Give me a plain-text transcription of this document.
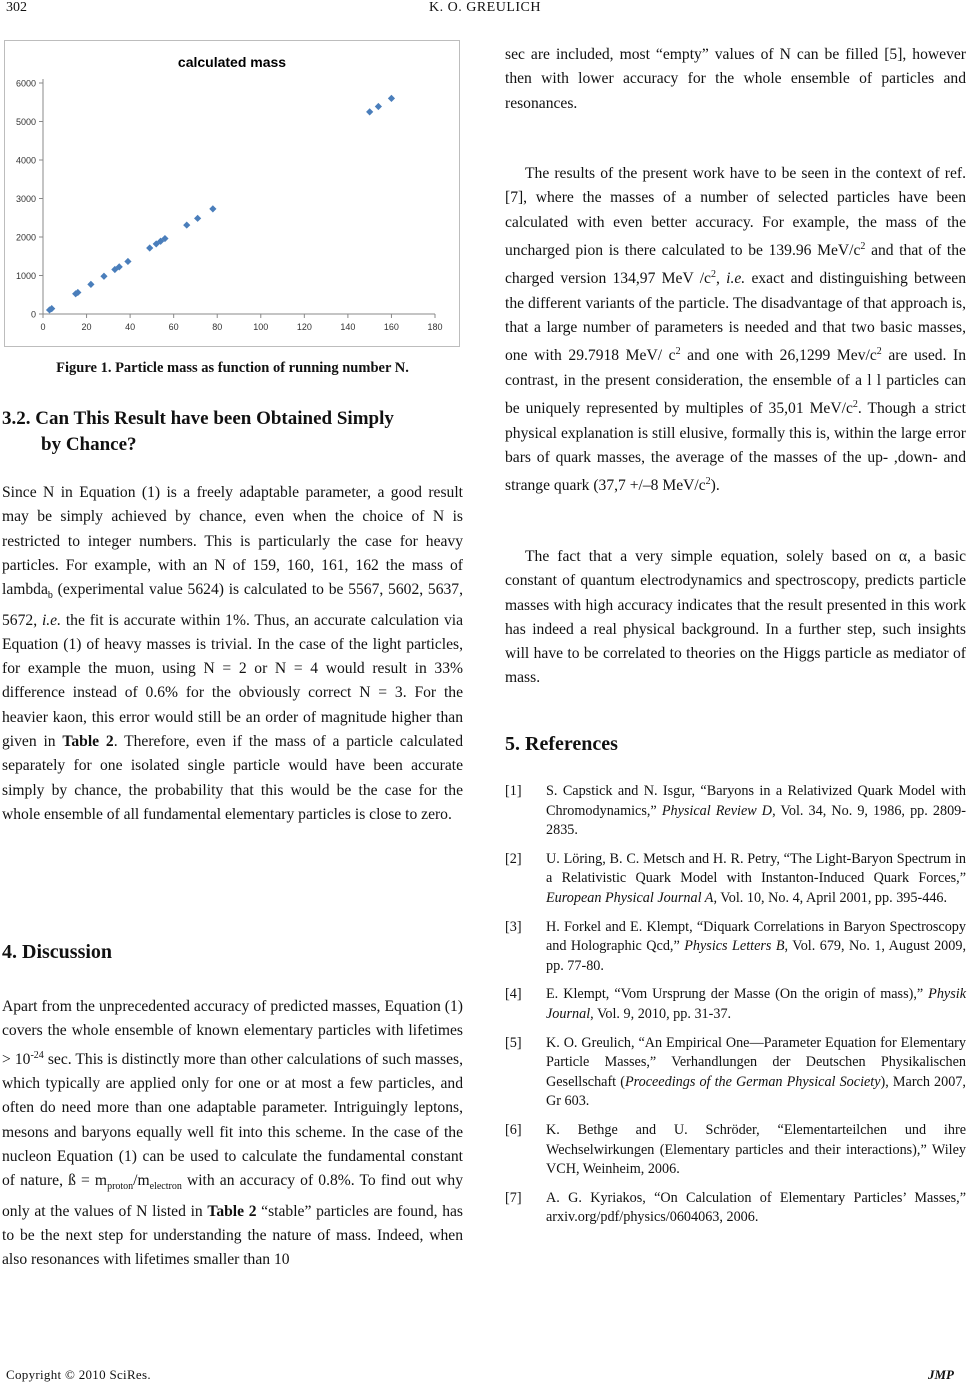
302	K. O. GREULICH
calculated mass
0
1000
2000
3000
4000
5000
6000
0	20	40	60	80	100	120	140	160	180
Figure 1. Particle mass as function of running number N.
3.2. Can This Result have been Obtained Simply
by Chance?

Since N in Equation (1) is a freely adaptable parameter, a good result may be simply achieved by chance, even when the choice of N is restricted to integer numbers. This is particularly the case for heavy particles. For example, with an N of 159, 160, 161, 162 the mass of lambda$_b$ (experimental value 5624) is calculated to be 5567, 5602, 5637, 5672, i.e. the fit is accurate within 1%. Thus, an accurate calculation via Equation (1) of heavy masses is trivial. In the case of the light particles, for example the muon, using N = 2 or N = 4 would result in 33% difference instead of 0.6% for the obviously correct N = 3. For the heavier kaon, this error would still be an order of magnitude higher than given in Table 2. Therefore, even if the mass of a particle calculated separately for one isolated single particle would have been accurate simply by chance, the probability that this would be the case for the whole ensemble of all fundamental elementary particles is close to zero.

4. Discussion

Apart from the unprecedented accuracy of predicted masses, Equation (1) covers the whole ensemble of known elementary particles with lifetimes > $10^{-24}$ sec. This is distinctly more than other calculations of such masses, which typically are applied only for one or at most a few particles, and often do need more than one adaptable parameter. Intriguingly leptons, mesons and baryons equally well fit into this scheme. In the case of the nucleon Equation (1) can be used to calculate the fundamental constant of nature, ß = $m_{proton}/m_{electron}$ with an accuracy of 0.8%. To find out why only at the values of N listed in Table 2 “stable” particles are found, has to be the next step for understanding the nature of mass. Indeed, when also resonances with lifetimes smaller than 10

sec are included, most “empty” values of N can be filled [5], however then with lower accuracy for the whole ensemble of particles and resonances.

The results of the present work have to be seen in the context of ref. [7], where the masses of a number of selected particles have been calculated with even better accuracy. For example, the mass of the uncharged pion is there calculated to be 139.96 MeV/$c^2$ and that of the charged version 134,97 MeV $/c^2$, i.e. exact and distinguishing between the different variants of the particle. The disadvantage of that approach is, that a large number of parameters is needed and that two basic masses, one with 29.7918 MeV/ $c^2$ and one with 26,1299 Mev/$c^2$ are used. In contrast, in the present consideration, the ensemble of a l l particles can be uniquely represented by multiples of 35,01 MeV/$c^2$. Though a strict physical explanation is still elusive, formally this is, within the large error bars of quark masses, the average of the masses of the up- ,down- and strange quark (37,7 +/–8 MeV/$c^2$).

The fact that a very simple equation, solely based on α, a basic constant of quantum electrodynamics and spectroscopy, predicts particle masses with high accuracy indicates that the result presented in this work has indeed a real physical background. In a further step, such insights will have to be correlated to theories on the Higgs particle as mediator of mass.

5. References
[1] S. Capstick and N. Isgur, “Baryons in a Relativized Quark Model with Chromodynamics,” Physical Review D, Vol. 34, No. 9, 1986, pp. 2809-2835.
[2] U. Löring, B. C. Metsch and H. R. Petry, “The Light-Baryon Spectrum in a Relativistic Quark Model with Instanton-Induced Quark Forces,” European Physical Journal A, Vol. 10, No. 4, April 2001, pp. 395-446.
[3] H. Forkel and E. Klempt, “Diquark Correlations in Baryon Spectroscopy and Holographic Qcd,” Physics Letters B, Vol. 679, No. 1, August 2009, pp. 77-80.
[4] E. Klempt, “Vom Ursprung der Masse (On the origin of mass),” Physik Journal, Vol. 9, 2010, pp. 31-37.
[5] K. O. Greulich, “An Empirical One—Parameter Equation for Elementary Particle Masses,” Verhandlungen der Deutschen Physikalischen Gesellschaft (Proceedings of the German Physical Society), March 2007, Gr 603.
[6] K. Bethge and U. Schröder, “Elementarteilchen und ihre Wechselwirkungen (Elementary particles and their interactions),” Wiley VCH, Weinheim, 2006.
[7] A. G. Kyriakos, “On Calculation of Elementary Particles’ Masses,” arxiv.org/pdf/physics/0604063, 2006.
Copyright © 2010 SciRes.	JMP
